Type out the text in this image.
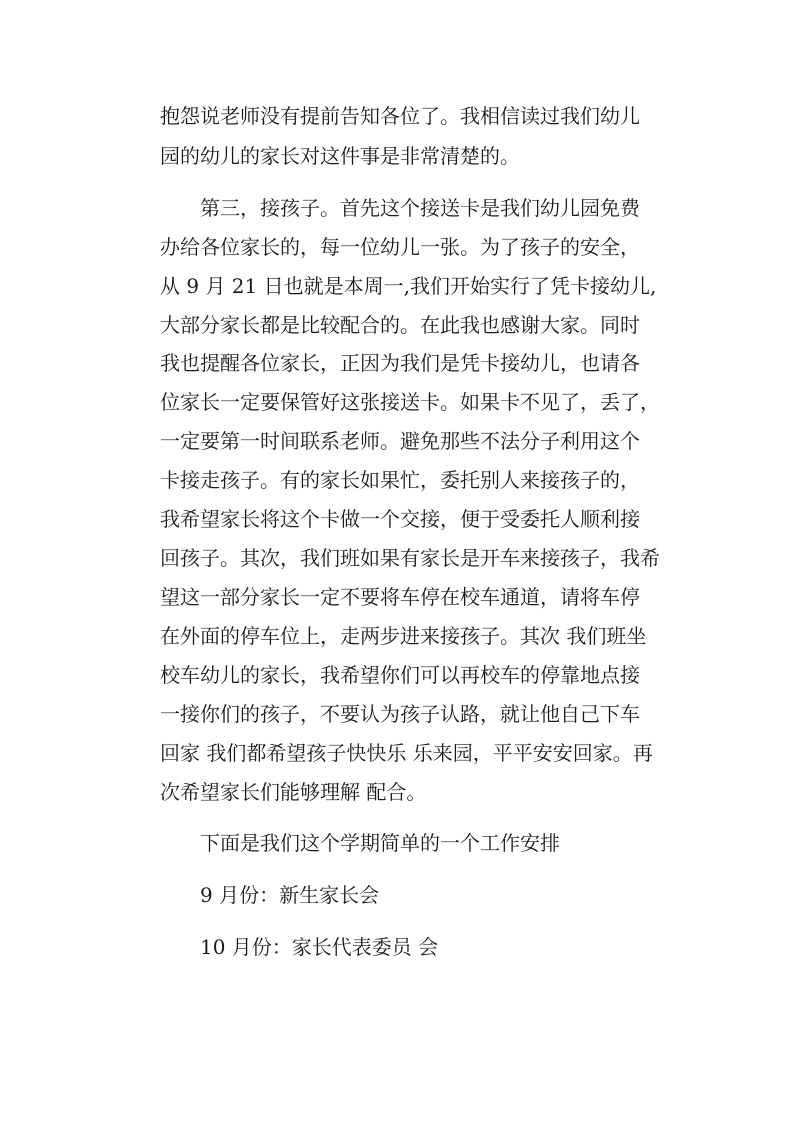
抱怨说老师没有提前告知各位了。我相信读过我们幼儿
园的幼儿的家长对这件事是非常清楚的。
第三，接孩子。首先这个接送卡是我们幼儿园免费
办给各位家长的，每一位幼儿一张。为了孩子的安全，
从 9 月 21 日也就是本周一,我们开始实行了凭卡接幼儿,
大部分家长都是比较配合的。在此我也感谢大家。同时
我也提醒各位家长，正因为我们是凭卡接幼儿，也请各
位家长一定要保管好这张接送卡。如果卡不见了，丢了，
一定要第一时间联系老师。避免那些不法分子利用这个
卡接走孩子。有的家长如果忙，委托别人来接孩子的，
我希望家长将这个卡做一个交接，便于受委托人顺利接
回孩子。其次，我们班如果有家长是开车来接孩子，我希
望这一部分家长一定不要将车停在校车通道，请将车停
在外面的停车位上，走两步进来接孩子。其次 我们班坐
校车幼儿的家长，我希望你们可以再校车的停靠地点接
一接你们的孩子，不要认为孩子认路，就让他自己下车
回家 我们都希望孩子快快乐 乐来园，平平安安回家。再
次希望家长们能够理解 配合。
下面是我们这个学期简单的一个工作安排
9 月份：新生家长会
10 月份：家长代表委员 会
